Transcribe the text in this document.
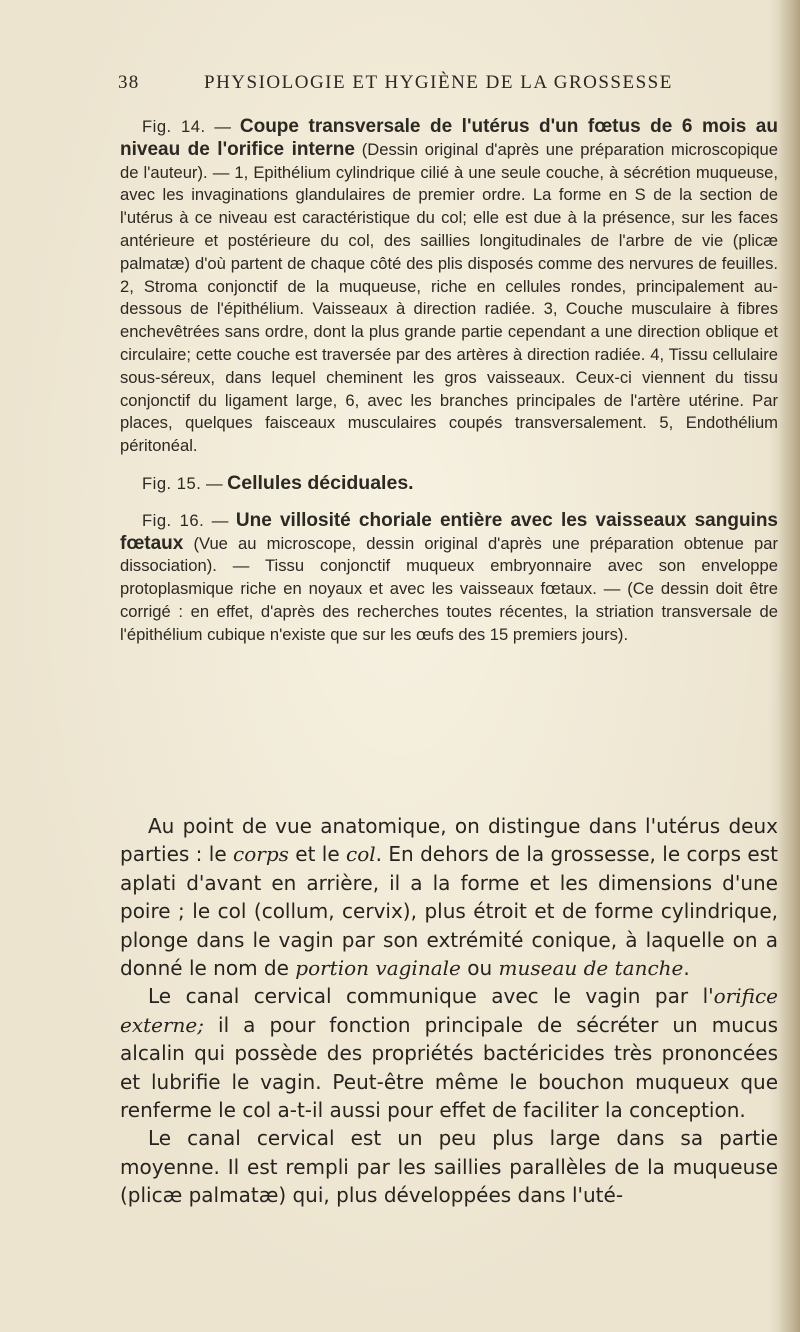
38	PHYSIOLOGIE ET HYGIÈNE DE LA GROSSESSE

Fig. 14. — Coupe transversale de l'utérus d'un fœtus de 6 mois au niveau de l'orifice interne (Dessin original d'après une préparation microscopique de l'auteur). — 1, Epithélium cylindrique cilié à une seule couche, à sécrétion muqueuse, avec les invaginations glandulaires de premier ordre. La forme en S de la section de l'utérus à ce niveau est caractéristique du col; elle est due à la présence, sur les faces antérieure et postérieure du col, des saillies longitudinales de l'arbre de vie (plicæ palmatæ) d'où partent de chaque côté des plis disposés comme des nervures de feuilles. 2, Stroma conjonctif de la muqueuse, riche en cellules rondes, principalement au-dessous de l'épithélium. Vaisseaux à direction radiée. 3, Couche musculaire à fibres enchevêtrées sans ordre, dont la plus grande partie cependant a une direction oblique et circulaire; cette couche est traversée par des artères à direction radiée. 4, Tissu cellulaire sous-séreux, dans lequel cheminent les gros vaisseaux. Ceux-ci viennent du tissu conjonctif du ligament large, 6, avec les branches principales de l'artère utérine. Par places, quelques faisceaux musculaires coupés transversalement. 5, Endothélium péritonéal.

Fig. 15. — Cellules déciduales.

Fig. 16. — Une villosité choriale entière avec les vaisseaux sanguins fœtaux (Vue au microscope, dessin original d'après une préparation obtenue par dissociation). — Tissu conjonctif muqueux embryonnaire avec son enveloppe protoplasmique riche en noyaux et avec les vaisseaux fœtaux. — (Ce dessin doit être corrigé : en effet, d'après des recherches toutes récentes, la striation transversale de l'épithélium cubique n'existe que sur les œufs des 15 premiers jours).

Au point de vue anatomique, on distingue dans l'utérus deux parties : le corps et le col. En dehors de la grossesse, le corps est aplati d'avant en arrière, il a la forme et les dimensions d'une poire ; le col (collum, cervix), plus étroit et de forme cylindrique, plonge dans le vagin par son extrémité conique, à laquelle on a donné le nom de portion vaginale ou museau de tanche.

Le canal cervical communique avec le vagin par l'orifice externe; il a pour fonction principale de sécréter un mucus alcalin qui possède des propriétés bactéricides très prononcées et lubrifie le vagin. Peut-être même le bouchon muqueux que renferme le col a-t-il aussi pour effet de faciliter la conception.

Le canal cervical est un peu plus large dans sa partie moyenne. Il est rempli par les saillies parallèles de la muqueuse (plicæ palmatæ) qui, plus développées dans l'uté-
